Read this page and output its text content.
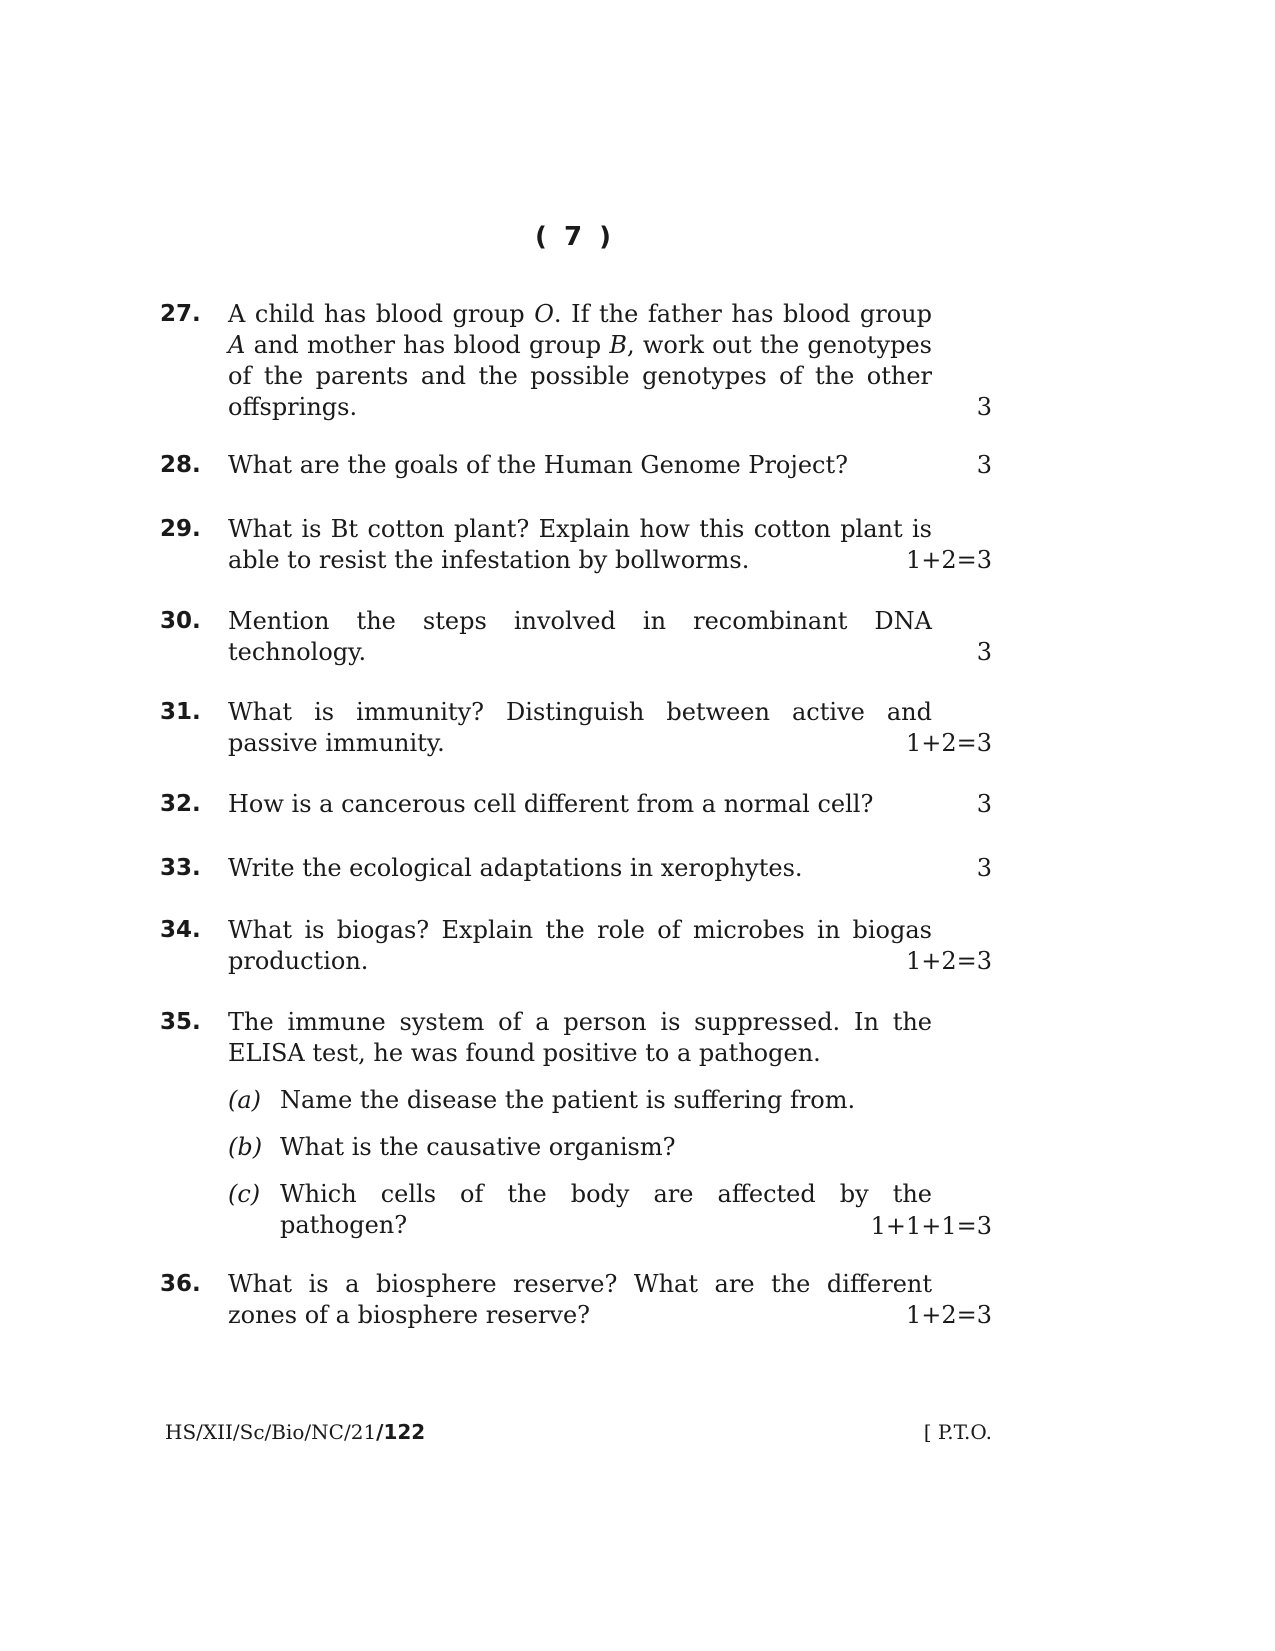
( 7 )
27.	A child has blood group O. If the father has blood group A and mother has blood group B, work out the genotypes of the parents and the possible genotypes of the other offsprings.	3
28.	What are the goals of the Human Genome Project?	3
29.	What is Bt cotton plant? Explain how this cotton plant is able to resist the infestation by bollworms.	1+2=3
30.	Mention the steps involved in recombinant DNA technology.	3
31.	What is immunity? Distinguish between active and passive immunity.	1+2=3
32.	How is a cancerous cell different from a normal cell?	3
33.	Write the ecological adaptations in xerophytes.	3
34.	What is biogas? Explain the role of microbes in biogas production.	1+2=3
35.	The immune system of a person is suppressed. In the ELISA test, he was found positive to a pathogen.
(a) Name the disease the patient is suffering from.
(b) What is the causative organism?
(c) Which cells of the body are affected by the pathogen?	1+1+1=3
36.	What is a biosphere reserve? What are the different zones of a biosphere reserve?	1+2=3
HS/XII/Sc/Bio/NC/21/122	[ P.T.O.
